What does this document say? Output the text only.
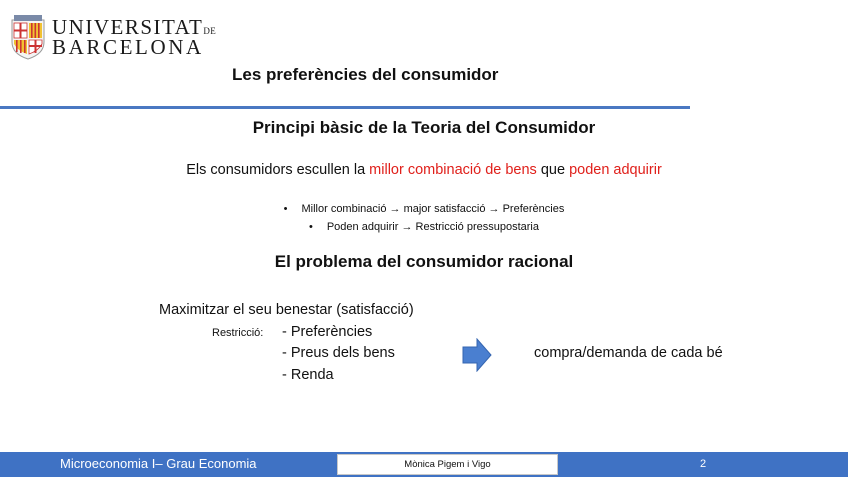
UNIVERSITATDE
BARCELONA
Les preferències del consumidor
Principi bàsic de la Teoria del Consumidor
Els consumidors escullen la millor combinació de bens que poden adquirir
• Millor combinació → major satisfacció → Preferències
• Poden adquirir → Restricció pressupostaria
El problema del consumidor racional
Maximitzar el seu benestar (satisfacció)
Restricció: - Preferències
- Preus dels bens
- Renda
compra/demanda de cada bé
Microeconomia I– Grau Economia	Mònica Pigem i Vigo	2
